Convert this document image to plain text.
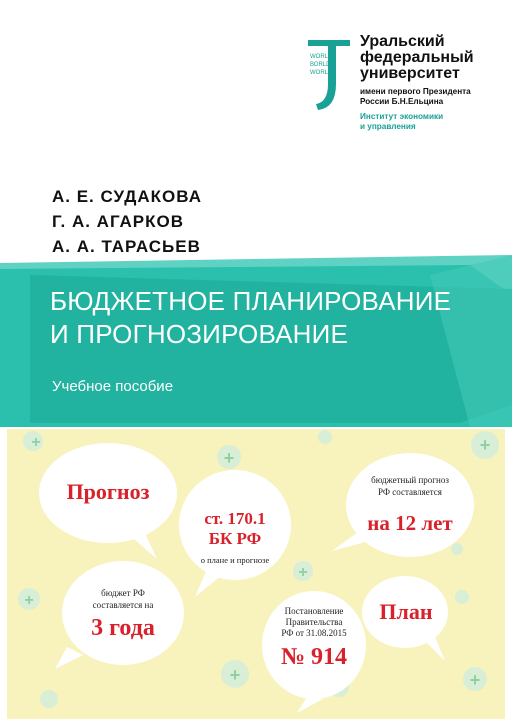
WORLD
ВОRLD
WORLD
Уральский
федеральный
университет
имени первого Президента
России Б.Н.Ельцина
Институт экономики
и управления
А. Е. СУДАКОВА
Г. А. АГАРКОВ
А. А. ТАРАСЬЕВ
БЮДЖЕТНОЕ ПЛАНИРОВАНИЕ
И ПРОГНОЗИРОВАНИЕ
Учебное пособие
+
+
+
+
+	+
+
Прогноз
ст. 170.1
БК РФ
о плане и прогнозе
бюджетный прогноз
РФ составляется
на 12 лет
бюджет РФ
составляется на
3 года
Постановление
Правительства
РФ от 31.08.2015
№ 914
План
